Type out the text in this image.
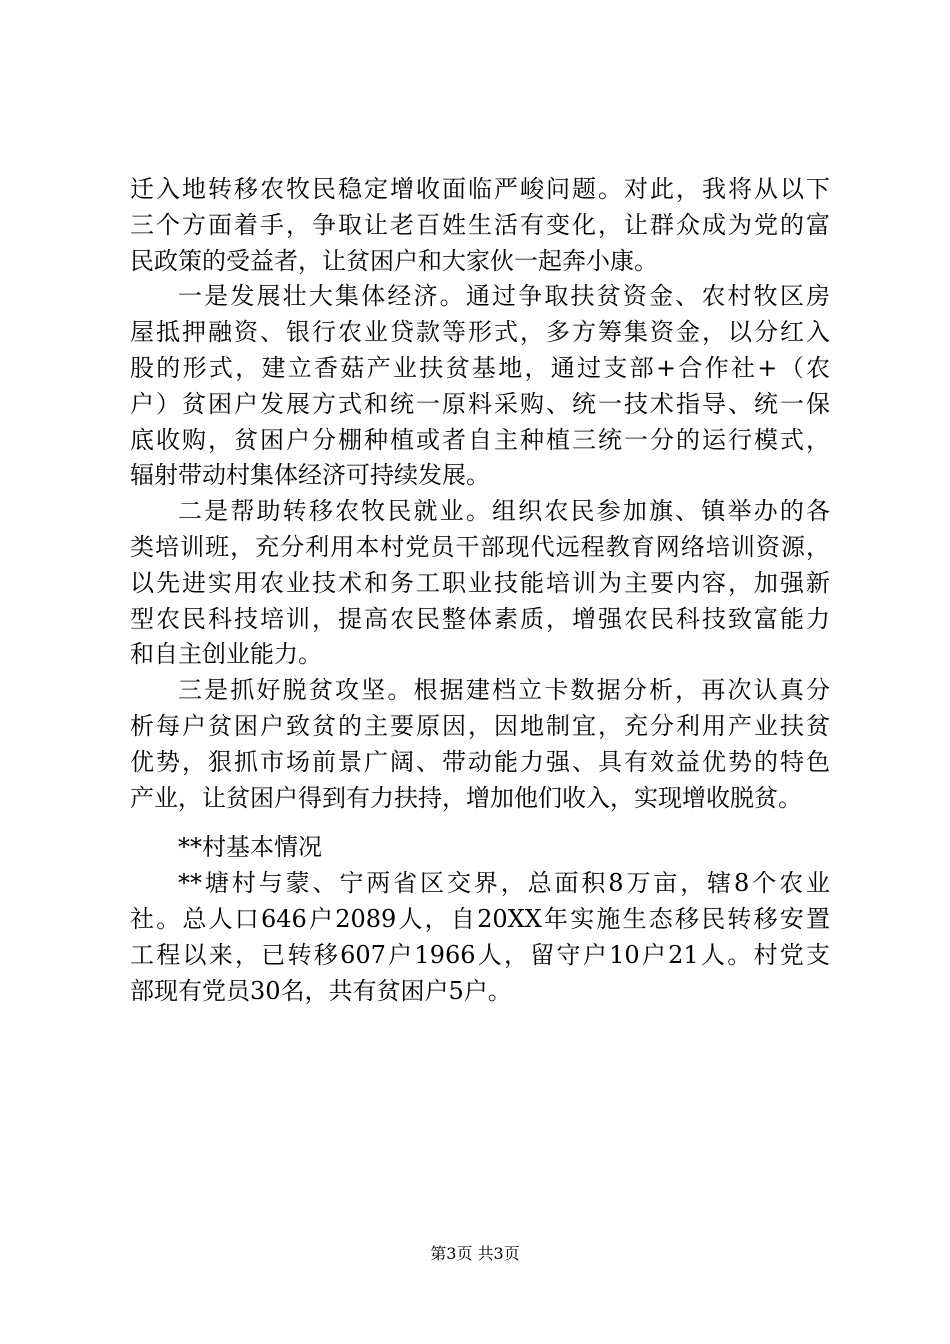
迁入地转移农牧民稳定增收面临严峻问题。对此，我将从以下
三个方面着手，争取让老百姓生活有变化，让群众成为党的富
民政策的受益者，让贫困户和大家伙一起奔小康。
一是发展壮大集体经济。通过争取扶贫资金、农村牧区房
屋抵押融资、银行农业贷款等形式，多方筹集资金，以分红入
股的形式，建立香菇产业扶贫基地，通过支部+合作社+（农
户）贫困户发展方式和统一原料采购、统一技术指导、统一保
底收购，贫困户分棚种植或者自主种植三统一分的运行模式，
辐射带动村集体经济可持续发展。
二是帮助转移农牧民就业。组织农民参加旗、镇举办的各
类培训班，充分利用本村党员干部现代远程教育网络培训资源，
以先进实用农业技术和务工职业技能培训为主要内容，加强新
型农民科技培训，提高农民整体素质，增强农民科技致富能力
和自主创业能力。
三是抓好脱贫攻坚。根据建档立卡数据分析，再次认真分
析每户贫困户致贫的主要原因，因地制宜，充分利用产业扶贫
优势，狠抓市场前景广阔、带动能力强、具有效益优势的特色
产业，让贫困户得到有力扶持，增加他们收入，实现增收脱贫。
**村基本情况
**塘村与蒙、宁两省区交界，总面积8万亩，辖8个农业
社。总人口646户2089人，自20XX年实施生态移民转移安置
工程以来，已转移607户1966人，留守户10户21人。村党支
部现有党员30名，共有贫困户5户。
第3页 共3页
